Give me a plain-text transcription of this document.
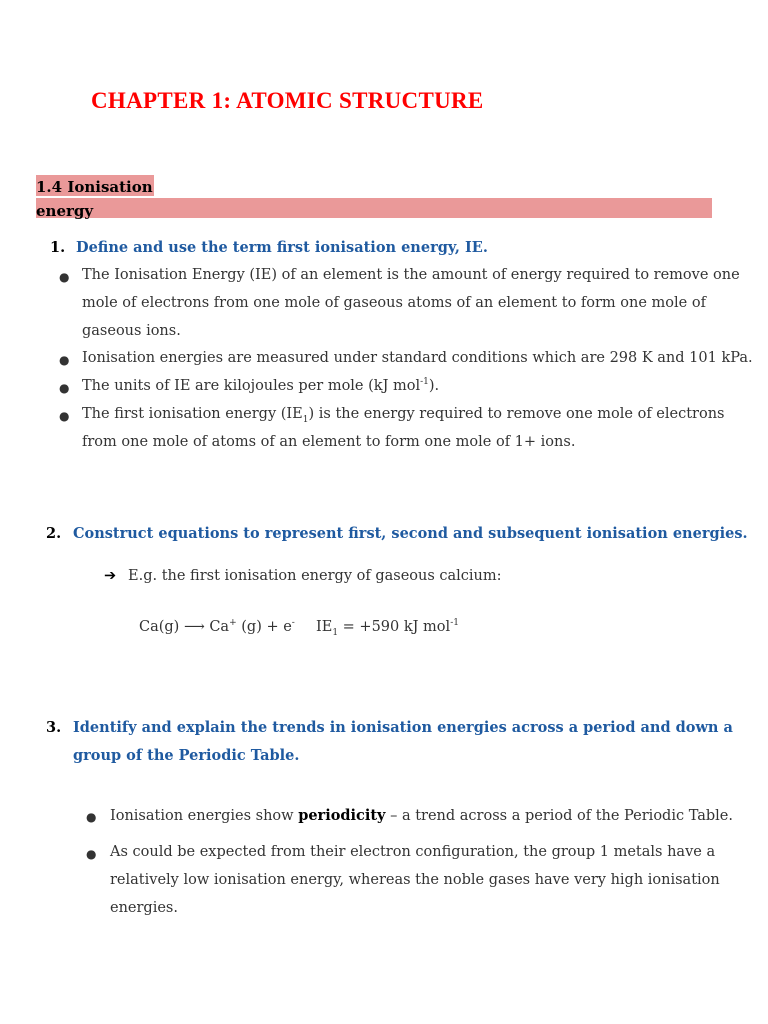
CHAPTER 1: ATOMIC STRUCTURE
1.4 Ionisation
energy
1. Define and use the term first ionisation energy, IE.
● The Ionisation Energy (IE) of an element is the amount of energy required to remove one
mole of electrons from one mole of gaseous atoms of an element to form one mole of
gaseous ions.
● Ionisation energies are measured under standard conditions which are 298 K and 101 kPa.
● The units of IE are kilojoules per mole (kJ mol$^{-1}$).
● The first ionisation energy $(IE_1)$ is the energy required to remove one mole of electrons
from one mole of atoms of an element to form one mole of 1+ ions.
2. Construct equations to represent first, second and subsequent ionisation energies.
➔ E.g. the first ionisation energy of gaseous calcium:
Ca(g) ⟶ Ca+ (g) + e- $IE_1 = +590$ kJ mol$^{-1}$
3. Identify and explain the trends in ionisation energies across a period and down a
group of the Periodic Table.
● Ionisation energies show periodicity – a trend across a period of the Periodic Table.
● As could be expected from their electron configuration, the group 1 metals have a
relatively low ionisation energy, whereas the noble gases have very high ionisation
energies.
